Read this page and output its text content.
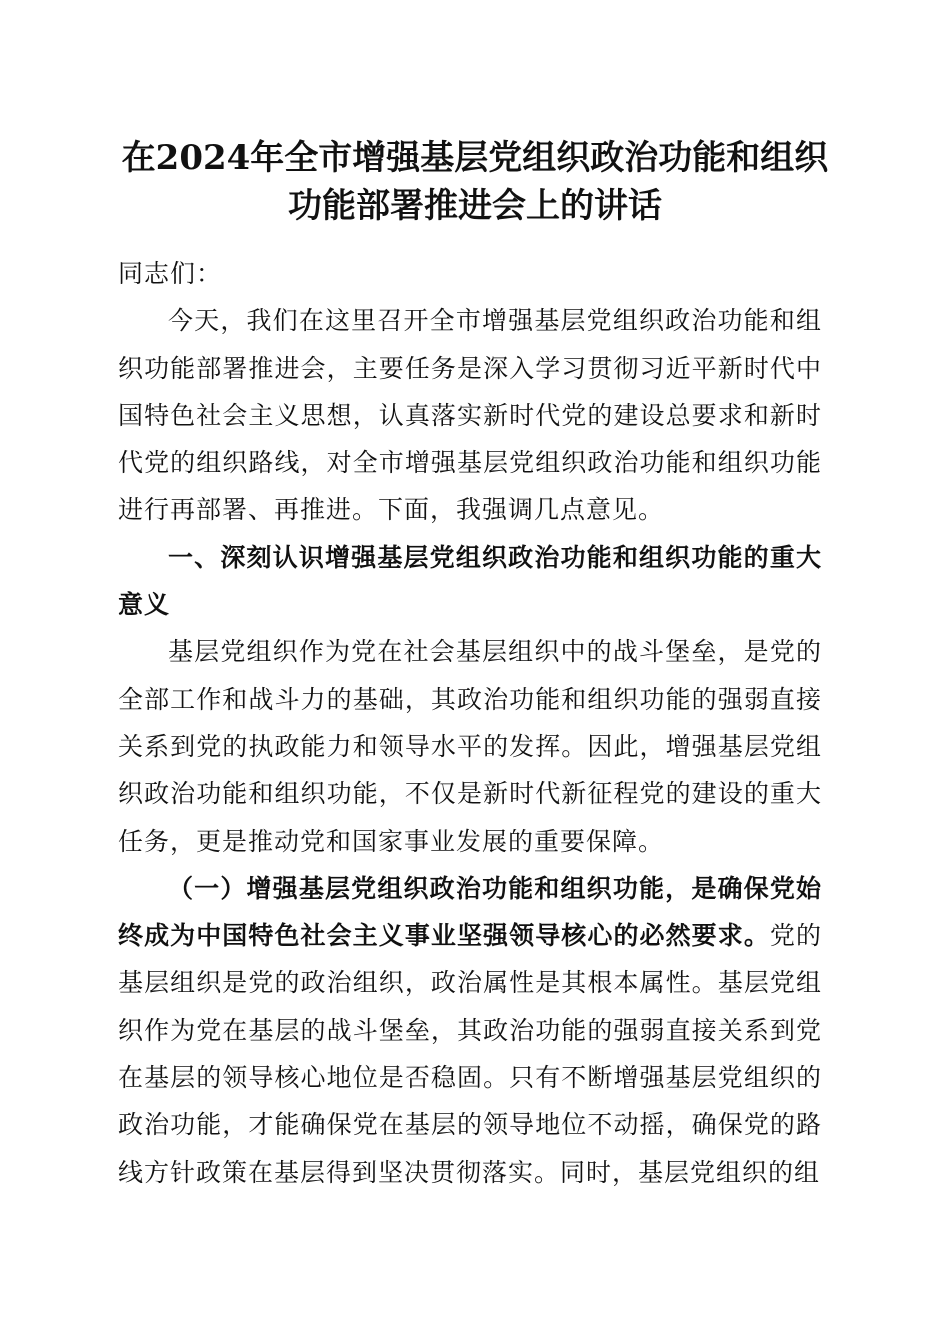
在2024年全市增强基层党组织政治功能和组织功能部署推进会上的讲话

同志们：

今天，我们在这里召开全市增强基层党组织政治功能和组织功能部署推进会，主要任务是深入学习贯彻习近平新时代中国特色社会主义思想，认真落实新时代党的建设总要求和新时代党的组织路线，对全市增强基层党组织政治功能和组织功能进行再部署、再推进。下面，我强调几点意见。

一、深刻认识增强基层党组织政治功能和组织功能的重大意义

基层党组织作为党在社会基层组织中的战斗堡垒，是党的全部工作和战斗力的基础，其政治功能和组织功能的强弱直接关系到党的执政能力和领导水平的发挥。因此，增强基层党组织政治功能和组织功能，不仅是新时代新征程党的建设的重大任务，更是推动党和国家事业发展的重要保障。

（一）增强基层党组织政治功能和组织功能，是确保党始终成为中国特色社会主义事业坚强领导核心的必然要求。党的基层组织是党的政治组织，政治属性是其根本属性。基层党组织作为党在基层的战斗堡垒，其政治功能的强弱直接关系到党在基层的领导核心地位是否稳固。只有不断增强基层党组织的政治功能，才能确保党在基层的领导地位不动摇，确保党的路线方针政策在基层得到坚决贯彻落实。同时，基层党组织的组
